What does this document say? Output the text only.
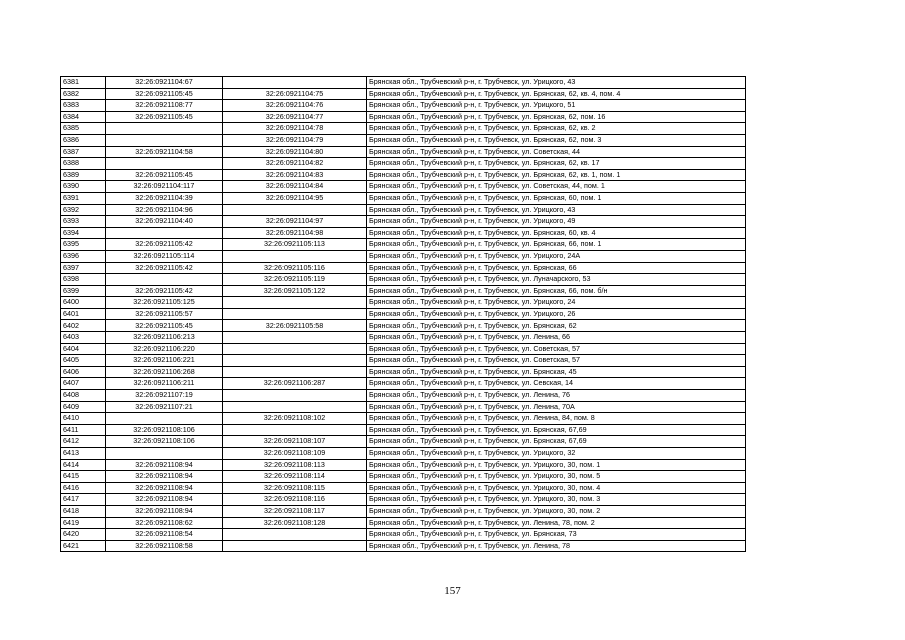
6381	32:26:0921104:67		Брянская обл., Трубчевский р-н, г. Трубчевск, ул. Урицкого, 43
6382	32:26:0921105:45	32:26:0921104:75	Брянская обл., Трубчевский р-н, г. Трубчевск, ул. Брянская, 62, кв. 4, пом. 4
6383	32:26:0921108:77	32:26:0921104:76	Брянская обл., Трубчевский р-н, г. Трубчевск, ул. Урицкого, 51
6384	32:26:0921105:45	32:26:0921104:77	Брянская обл., Трубчевский р-н, г. Трубчевск, ул. Брянская, 62, пом. 16
6385		32:26:0921104:78	Брянская обл., Трубчевский р-н, г. Трубчевск, ул. Брянская, 62, кв. 2
6386		32:26:0921104:79	Брянская обл., Трубчевский р-н, г. Трубчевск, ул. Брянская, 62, пом. 3
6387	32:26:0921104:58	32:26:0921104:80	Брянская обл., Трубчевский р-н, г. Трубчевск, ул. Советская, 44
6388		32:26:0921104:82	Брянская обл., Трубчевский р-н, г. Трубчевск, ул. Брянская, 62, кв. 17
6389	32:26:0921105:45	32:26:0921104:83	Брянская обл., Трубчевский р-н, г. Трубчевск, ул. Брянская, 62, кв. 1, пом. 1
6390	32:26:0921104:117	32:26:0921104:84	Брянская обл., Трубчевский р-н, г. Трубчевск, ул. Советская, 44, пом. 1
6391	32:26:0921104:39	32:26:0921104:95	Брянская обл., Трубчевский р-н, г. Трубчевск, ул. Брянская, 60, пом. 1
6392	32:26:0921104:96		Брянская обл., Трубчевский р-н, г. Трубчевск, ул. Урицкого, 43
6393	32:26:0921104:40	32:26:0921104:97	Брянская обл., Трубчевский р-н, г. Трубчевск, ул. Урицкого, 49
6394		32:26:0921104:98	Брянская обл., Трубчевский р-н, г. Трубчевск, ул. Брянская, 60, кв. 4
6395	32:26:0921105:42	32:26:0921105:113	Брянская обл., Трубчевский р-н, г. Трубчевск, ул. Брянская, 66, пом. 1
6396	32:26:0921105:114		Брянская обл., Трубчевский р-н, г. Трубчевск, ул. Урицкого, 24А
6397	32:26:0921105:42	32:26:0921105:116	Брянская обл., Трубчевский р-н, г. Трубчевск, ул. Брянская, 66
6398		32:26:0921105:119	Брянская обл., Трубчевский р-н, г. Трубчевск, ул. Луначарского, 53
6399	32:26:0921105:42	32:26:0921105:122	Брянская обл., Трубчевский р-н, г. Трубчевск, ул. Брянская, 66, пом. б/н
6400	32:26:0921105:125		Брянская обл., Трубчевский р-н, г. Трубчевск, ул. Урицкого, 24
6401	32:26:0921105:57		Брянская обл., Трубчевский р-н, г. Трубчевск, ул. Урицкого, 26
6402	32:26:0921105:45	32:26:0921105:58	Брянская обл., Трубчевский р-н, г. Трубчевск, ул. Брянская, 62
6403	32:26:0921106:213		Брянская обл., Трубчевский р-н, г. Трубчевск, ул. Ленина, 66
6404	32:26:0921106:220		Брянская обл., Трубчевский р-н, г. Трубчевск, ул. Советская, 57
6405	32:26:0921106:221		Брянская обл., Трубчевский р-н, г. Трубчевск, ул. Советская, 57
6406	32:26:0921106:268		Брянская обл., Трубчевский р-н, г. Трубчевск, ул. Брянская, 45
6407	32:26:0921106:211	32:26:0921106:287	Брянская обл., Трубчевский р-н, г. Трубчевск, ул. Севская, 14
6408	32:26:0921107:19		Брянская обл., Трубчевский р-н, г. Трубчевск, ул. Ленина, 76
6409	32:26:0921107:21		Брянская обл., Трубчевский р-н, г. Трубчевск, ул. Ленина, 70А
6410		32:26:0921108:102	Брянская обл., Трубчевский р-н, г. Трубчевск, ул. Ленина, 84, пом. 8
6411	32:26:0921108:106		Брянская обл., Трубчевский р-н, г. Трубчевск, ул. Брянская, 67,69
6412	32:26:0921108:106	32:26:0921108:107	Брянская обл., Трубчевский р-н, г. Трубчевск, ул. Брянская, 67,69
6413		32:26:0921108:109	Брянская обл., Трубчевский р-н, г. Трубчевск, ул. Урицкого, 32
6414	32:26:0921108:94	32:26:0921108:113	Брянская обл., Трубчевский р-н, г. Трубчевск, ул. Урицкого, 30, пом. 1
6415	32:26:0921108:94	32:26:0921108:114	Брянская обл., Трубчевский р-н, г. Трубчевск, ул. Урицкого, 30, пом. 5
6416	32:26:0921108:94	32:26:0921108:115	Брянская обл., Трубчевский р-н, г. Трубчевск, ул. Урицкого, 30, пом. 4
6417	32:26:0921108:94	32:26:0921108:116	Брянская обл., Трубчевский р-н, г. Трубчевск, ул. Урицкого, 30, пом. 3
6418	32:26:0921108:94	32:26:0921108:117	Брянская обл., Трубчевский р-н, г. Трубчевск, ул. Урицкого, 30, пом. 2
6419	32:26:0921108:62	32:26:0921108:128	Брянская обл., Трубчевский р-н, г. Трубчевск, ул. Ленина, 78, пом. 2
6420	32:26:0921108:54		Брянская обл., Трубчевский р-н, г. Трубчевск, ул. Брянская, 73
6421	32:26:0921108:58		Брянская обл., Трубчевский р-н, г. Трубчевск, ул. Ленина, 78
157
